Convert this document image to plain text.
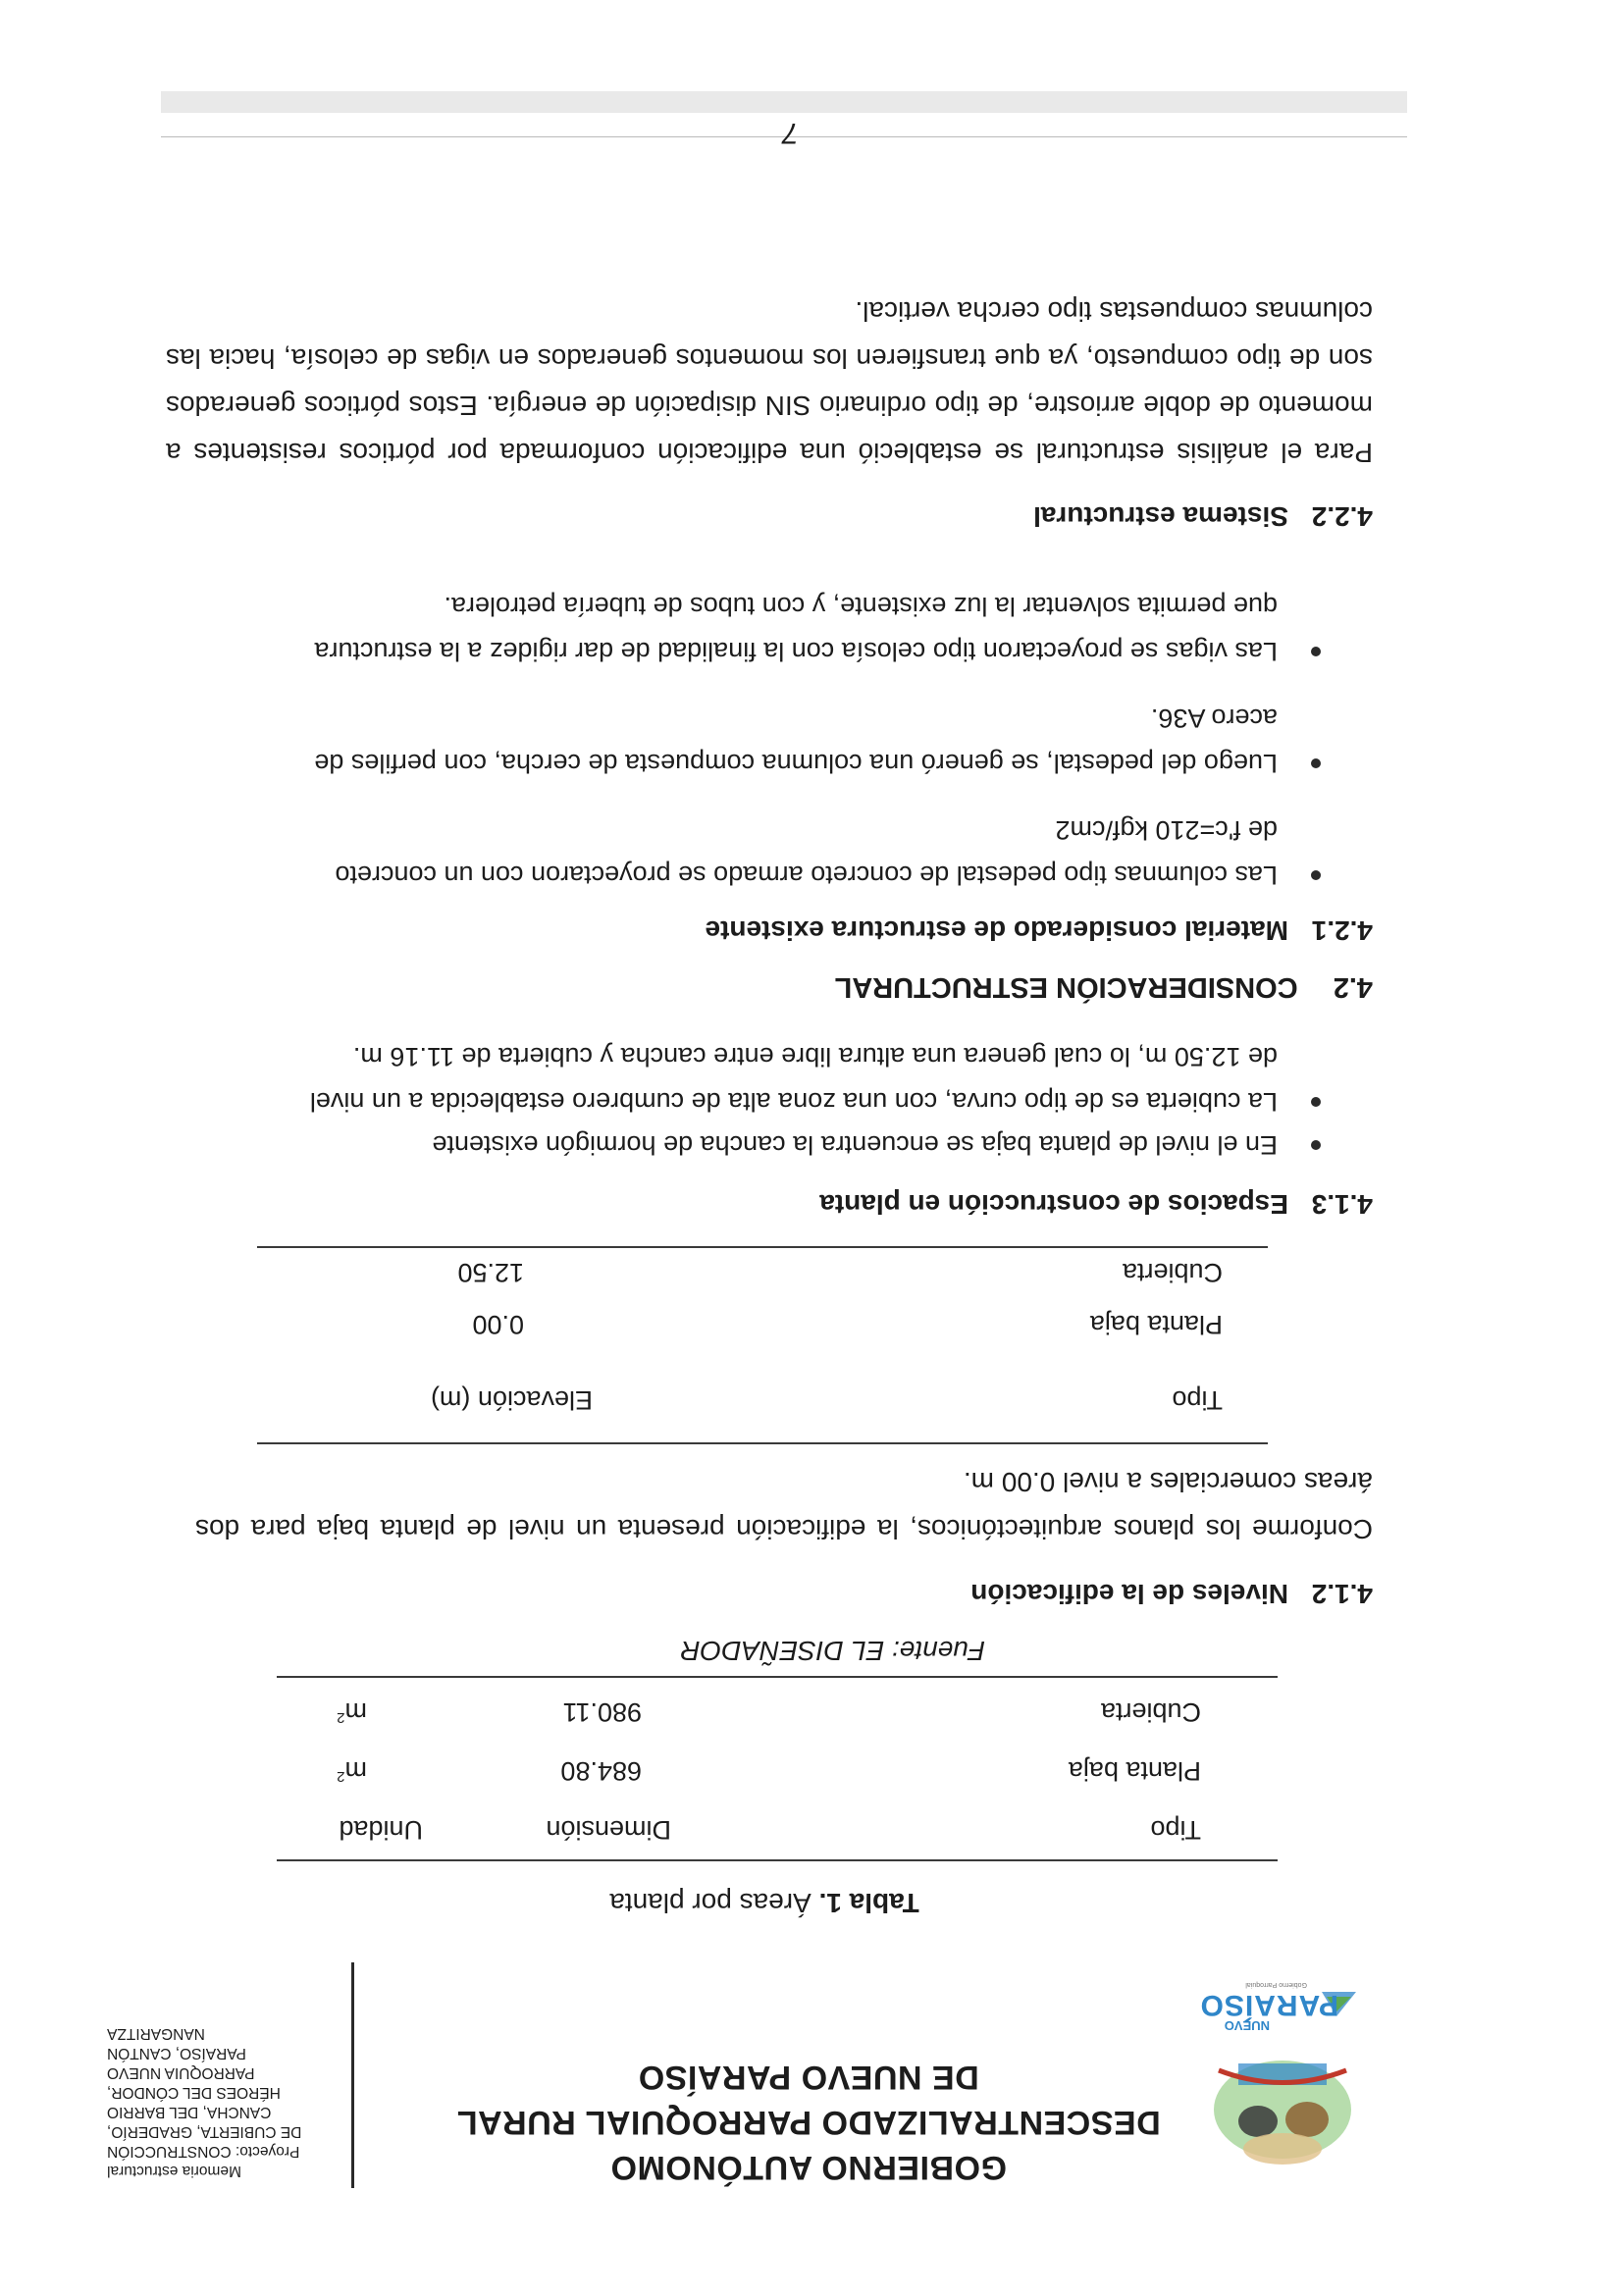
NUEVO
PARAÍSO
Gobierno Parroquial
GOBIERNO AUTÓNOMO
DESCENTRALIZADO PARROQUIAL RURAL
DE NUEVO PARAÍSO
Memoria estructural
Proyecto: CONSTRUCCIÓN
DE CUBIERTA, GRADERÍO,
CANCHA, DEL BARRIO
HÉROES DEL CÓNDOR,
PARROQUIA NUEVO
PARAÍSO, CANTÓN
NANGARITZA
Tabla 1. Áreas por planta
Tipo
Dimensión
Unidad
Planta baja
684.80
$m^2$
Cubierta
980.11
$m^2$
Fuente: EL DISEÑADOR
4.1.2 Niveles de la edificación
Conforme los planos arquitectónicos, la edificación presenta un nivel de planta baja para dos áreas comerciales a nivel 0.00 m.
Tipo
Elevación (m)
Planta baja
0.00
Cubierta
12.50
4.1.3 Espacios de construcción en planta
En el nivel de planta baja se encuentra la cancha de hormigón existente
La cubierta es de tipo curva, con una zona alta de cumbrero establecida a un nivel
de 12.50 m, lo cual genera una altura libre entre cancha y cubierta de 11.16 m.
4.2 CONSIDERACIÓN ESTRUCTURAL
4.2.1 Material considerado de estructura existente
Las columnas tipo pedestal de concreto armado se proyectaron con un concreto
de f'c=210 kgf/cm2
Luego del pedestal, se generó una columna compuesta de cercha, con perfiles de
acero A36.
Las vigas se proyectaron tipo celosía con la finalidad de dar rigidez a la estructura
que permita solventar la luz existente, y con tubos de tubería petrolera.
4.2.2 Sistema estructural
Para el análisis estructural se estableció una edificación conformada por pórticos resistentes a momento de doble arriostre, de tipo ordinario SIN disipación de energía. Estos pórticos generados son de tipo compuesto, ya que transfieren los momentos generados en vigas de celosía, hacia las columnas compuestas tipo cercha vertical.
7
